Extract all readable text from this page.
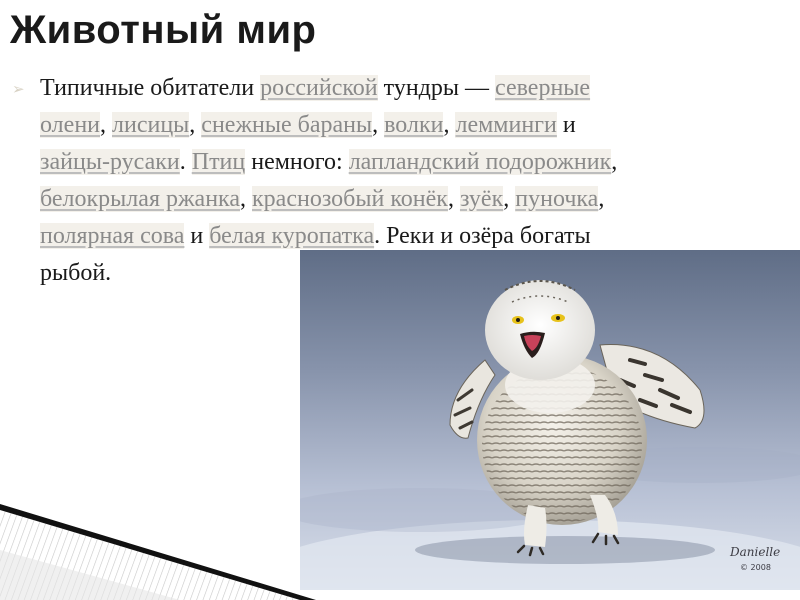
Животный мир
➢ Типичные обитатели российской тундры — северные
олени, лисицы, снежные бараны, волки, лемминги и
зайцы-русаки. Птиц немного: лапландский подорожник,
белокрылая ржанка, краснозобый конёк, зуёк, пуночка,
полярная сова и белая куропатка. Реки и озёра богаты
рыбой.
Danielle
© 2008
